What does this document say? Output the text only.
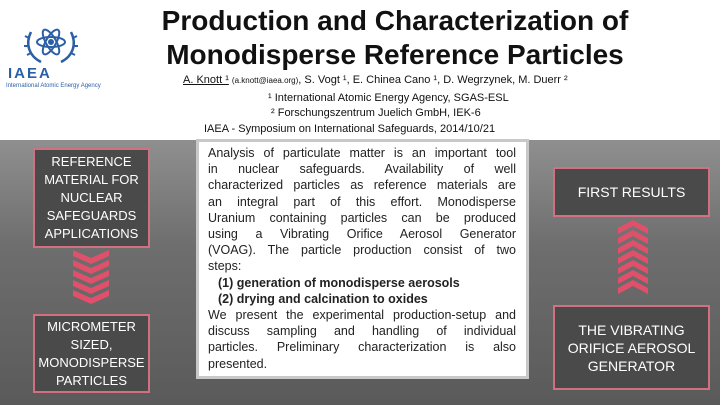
IAEA
International Atomic Energy Agency
Production and Characterization of
Monodisperse Reference Particles
A. Knott ¹ (a.knott@iaea.org), S. Vogt ¹, E. Chinea Cano ¹, D. Wegrzynek, M. Duerr ²
¹ International Atomic Energy Agency, SGAS-ESL
² Forschungszentrum Juelich GmbH, IEK-6
IAEA - Symposium on International Safeguards, 2014/10/21
REFERENCE MATERIAL FOR NUCLEAR SAFEGUARDS APPLICATIONS
MICROMETER SIZED, MONODISPERSE PARTICLES
FIRST RESULTS
THE VIBRATING ORIFICE AEROSOL GENERATOR
Analysis of particulate matter is an important tool
in nuclear safeguards. Availability of well
characterized particles as reference materials are
an integral part of this effort. Monodisperse
Uranium containing particles can be produced
using a Vibrating Orifice Aerosol Generator
(VOAG). The particle production consist of two
steps:
(1) generation of monodisperse aerosols
(2) drying and calcination to oxides
We present the experimental production-setup and
discuss sampling and handling of individual
particles. Preliminary characterization is also
presented.
